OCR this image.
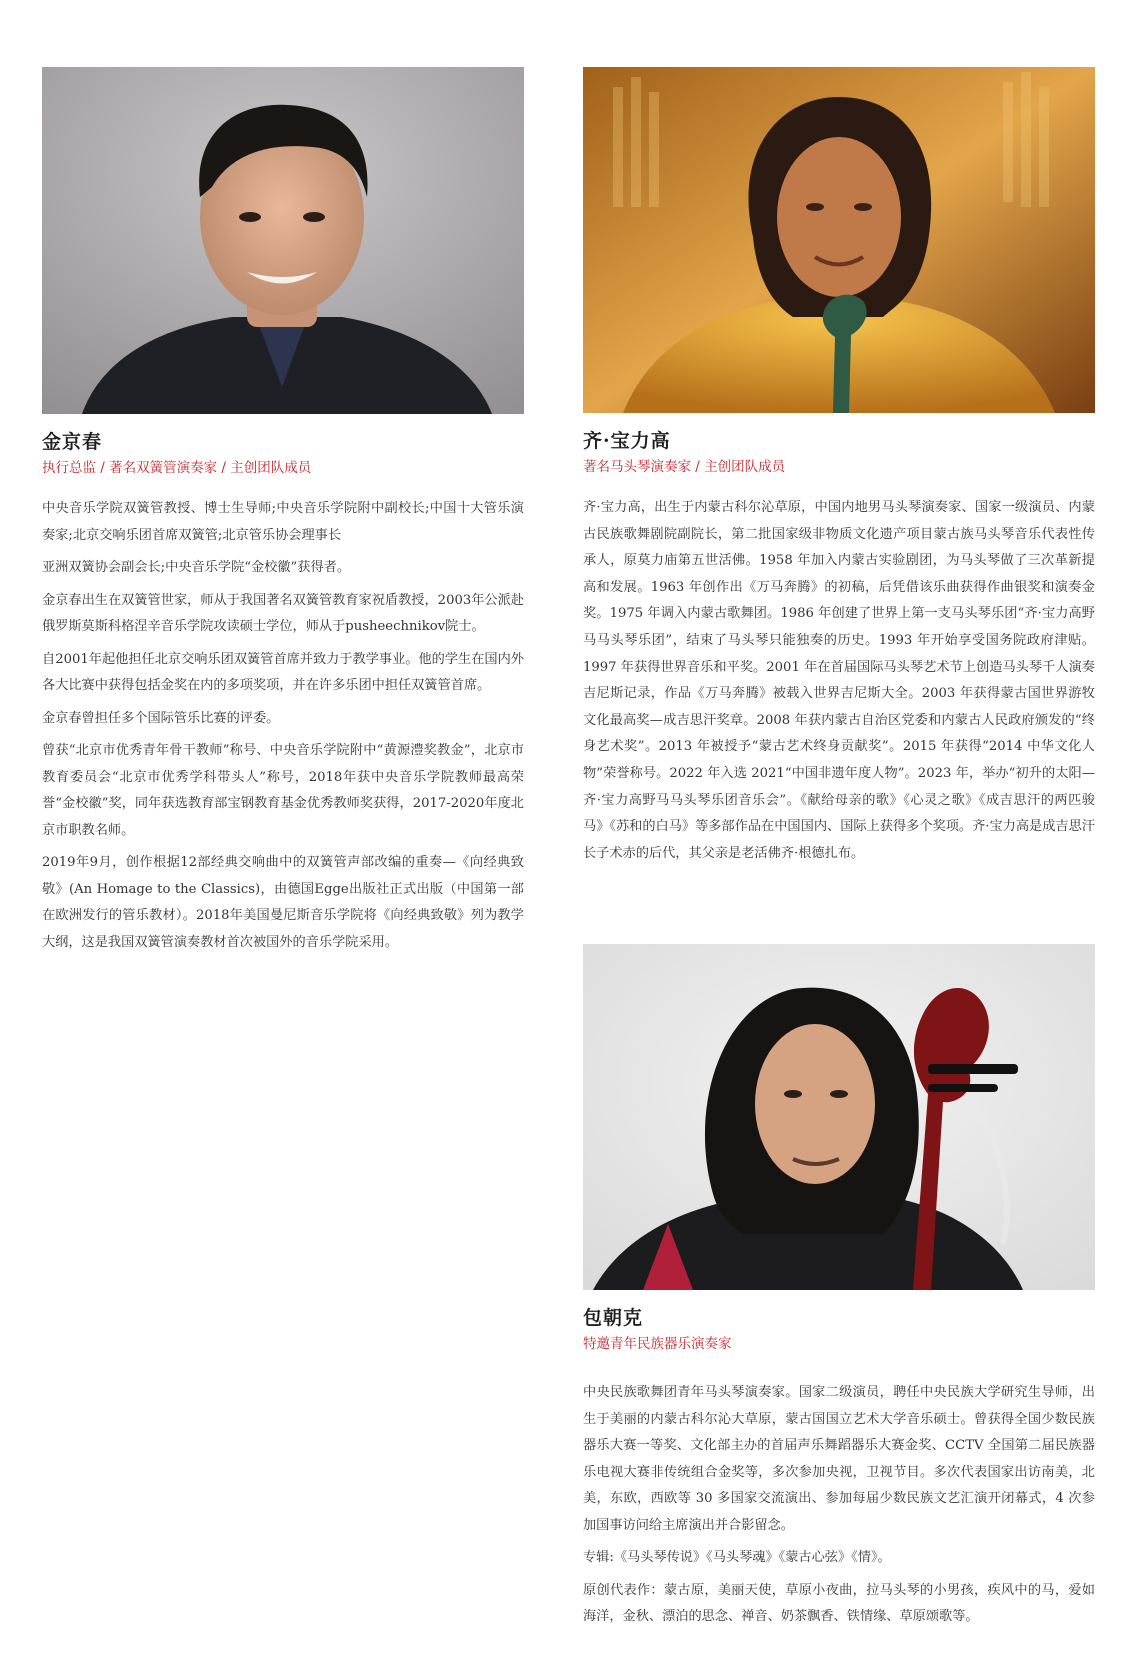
金京春
执行总监 / 著名双簧管演奏家 / 主创团队成员

中央音乐学院双簧管教授、博士生导师;中央音乐学院附中副校长;中国十大管乐演奏家;北京交响乐团首席双簧管;北京管乐协会理事长

亚洲双簧协会副会长;中央音乐学院“金校徽”获得者。

金京春出生在双簧管世家，师从于我国著名双簧管教育家祝盾教授，2003年公派赴俄罗斯莫斯科格涅辛音乐学院攻读硕士学位，师从于pusheechnikov院士。

自2001年起他担任北京交响乐团双簧管首席并致力于教学事业。他的学生在国内外各大比赛中获得包括金奖在内的多项奖项，并在许多乐团中担任双簧管首席。

金京春曾担任多个国际管乐比赛的评委。

曾获“北京市优秀青年骨干教师”称号、中央音乐学院附中“黄源澧奖教金”，北京市教育委员会“北京市优秀学科带头人”称号，2018年获中央音乐学院教师最高荣誉“金校徽”奖，同年获选教育部宝钢教育基金优秀教师奖获得，2017-2020年度北京市职教名师。

2019年9月，创作根据12部经典交响曲中的双簧管声部改编的重奏—《向经典致敬》(An Homage to the Classics)，由德国Egge出版社正式出版（中国第一部在欧洲发行的管乐教材）。2018年美国曼尼斯音乐学院将《向经典致敬》列为教学大纲，这是我国双簧管演奏教材首次被国外的音乐学院采用。

齐·宝力高
著名马头琴演奏家 / 主创团队成员

齐·宝力高，出生于内蒙古科尔沁草原，中国内地男马头琴演奏家、国家一级演员、内蒙古民族歌舞剧院副院长，第二批国家级非物质文化遗产项目蒙古族马头琴音乐代表性传承人，原莫力庙第五世活佛。1958 年加入内蒙古实验剧团，为马头琴做了三次革新提高和发展。1963 年创作出《万马奔腾》的初稿，后凭借该乐曲获得作曲银奖和演奏金奖。1975 年调入内蒙古歌舞团。1986 年创建了世界上第一支马头琴乐团“齐·宝力高野马马头琴乐团”，结束了马头琴只能独奏的历史。1993 年开始享受国务院政府津贴。1997 年获得世界音乐和平奖。2001 年在首届国际马头琴艺术节上创造马头琴千人演奏吉尼斯记录，作品《万马奔腾》被载入世界吉尼斯大全。2003 年获得蒙古国世界游牧文化最高奖—成吉思汗奖章。2008 年获内蒙古自治区党委和内蒙古人民政府颁发的“终身艺术奖”。2013 年被授予“蒙古艺术终身贡献奖”。2015 年获得“2014 中华文化人物”荣誉称号。2022 年入选 2021“中国非遗年度人物”。2023 年，举办“初升的太阳—齐·宝力高野马马头琴乐团音乐会”。《献给母亲的歌》《心灵之歌》《成吉思汗的两匹骏马》《苏和的白马》等多部作品在中国国内、国际上获得多个奖项。齐·宝力高是成吉思汗长子术赤的后代，其父亲是老活佛齐·根德扎布。

包朝克
特邀青年民族器乐演奏家

中央民族歌舞团青年马头琴演奏家。国家二级演员，聘任中央民族大学研究生导师，出生于美丽的内蒙古科尔沁大草原，蒙古国国立艺术大学音乐硕士。曾获得全国少数民族器乐大赛一等奖、文化部主办的首届声乐舞蹈器乐大赛金奖、CCTV 全国第二届民族器乐电视大赛非传统组合金奖等，多次参加央视，卫视节目。多次代表国家出访南美，北美，东欧，西欧等 30 多国家交流演出、参加每届少数民族文艺汇演开闭幕式，4 次参加国事访问给主席演出并合影留念。

专辑:《马头琴传说》《马头琴魂》《蒙古心弦》《情》。

原创代表作：蒙古原，美丽天使，草原小夜曲，拉马头琴的小男孩，疾风中的马，爱如海洋，金秋、漂泊的思念、禅音、奶茶飘香、铁情缘、草原颂歌等。
